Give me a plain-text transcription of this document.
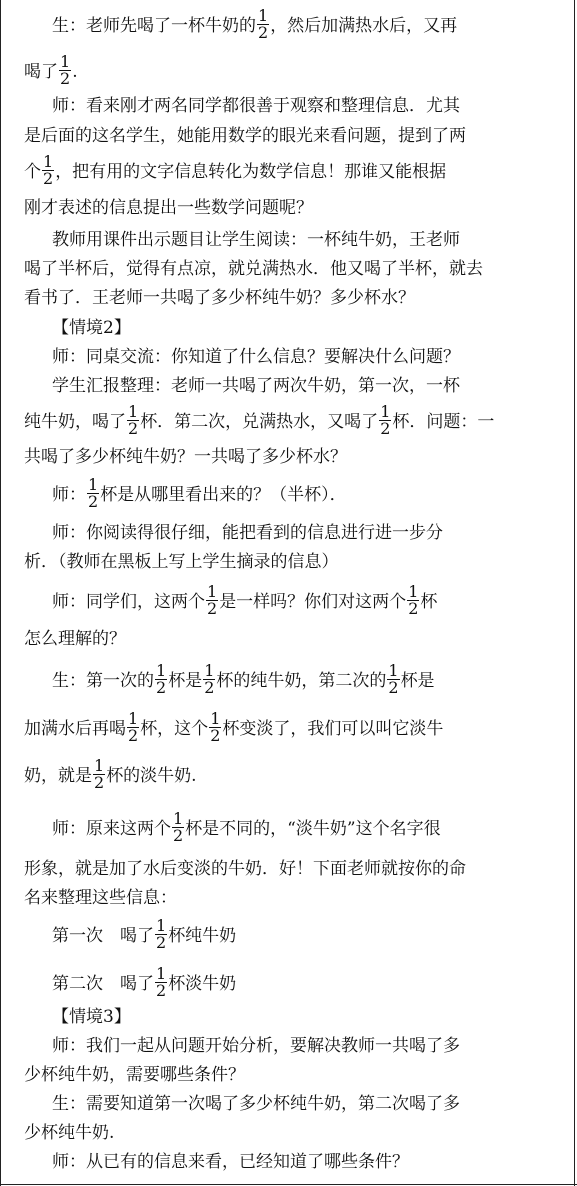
生：老师先喝了一杯牛奶的 $\frac{1}{2}$ ，然后加满热水后，又再
喝了 $\frac{1}{2}$ .
师：看来刚才两名同学都很善于观察和整理信息．尤其
是后面的这名学生，她能用数学的眼光来看问题，提到了两
个 $\frac{1}{2}$ ，把有用的文字信息转化为数学信息！那谁又能根据
刚才表述的信息提出一些数学问题呢？
教师用课件出示题目让学生阅读：一杯纯牛奶，王老师
喝了半杯后，觉得有点凉，就兑满热水．他又喝了半杯，就去
看书了．王老师一共喝了多少杯纯牛奶？多少杯水？
【情境2】
师：同桌交流：你知道了什么信息？要解决什么问题？
学生汇报整理：老师一共喝了两次牛奶，第一次，一杯
纯牛奶，喝了 $\frac{1}{2}$ 杯．第二次，兑满热水，又喝了 $\frac{1}{2}$ 杯．问题：一
共喝了多少杯纯牛奶？一共喝了多少杯水？
师： $\frac{1}{2}$ 杯是从哪里看出来的？（半杯）．
师：你阅读得很仔细，能把看到的信息进行进一步分
析．（教师在黑板上写上学生摘录的信息）
师：同学们，这两个 $\frac{1}{2}$ 是一样吗？你们对这两个 $\frac{1}{2}$ 杯
怎么理解的？
生：第一次的 $\frac{1}{2}$ 杯是 $\frac{1}{2}$ 杯的纯牛奶，第二次的 $\frac{1}{2}$ 杯是
加满水后再喝 $\frac{1}{2}$ 杯，这个 $\frac{1}{2}$ 杯变淡了，我们可以叫它淡牛
奶，就是 $\frac{1}{2}$ 杯的淡牛奶.
师：原来这两个 $\frac{1}{2}$ 杯是不同的，“淡牛奶”这个名字很
形象，就是加了水后变淡的牛奶．好！下面老师就按你的命
名来整理这些信息：
第一次　喝了 $\frac{1}{2}$ 杯纯牛奶
第二次　喝了 $\frac{1}{2}$ 杯淡牛奶
【情境3】
师：我们一起从问题开始分析，要解决教师一共喝了多
少杯纯牛奶，需要哪些条件？
生：需要知道第一次喝了多少杯纯牛奶，第二次喝了多
少杯纯牛奶.
师：从已有的信息来看，已经知道了哪些条件？
